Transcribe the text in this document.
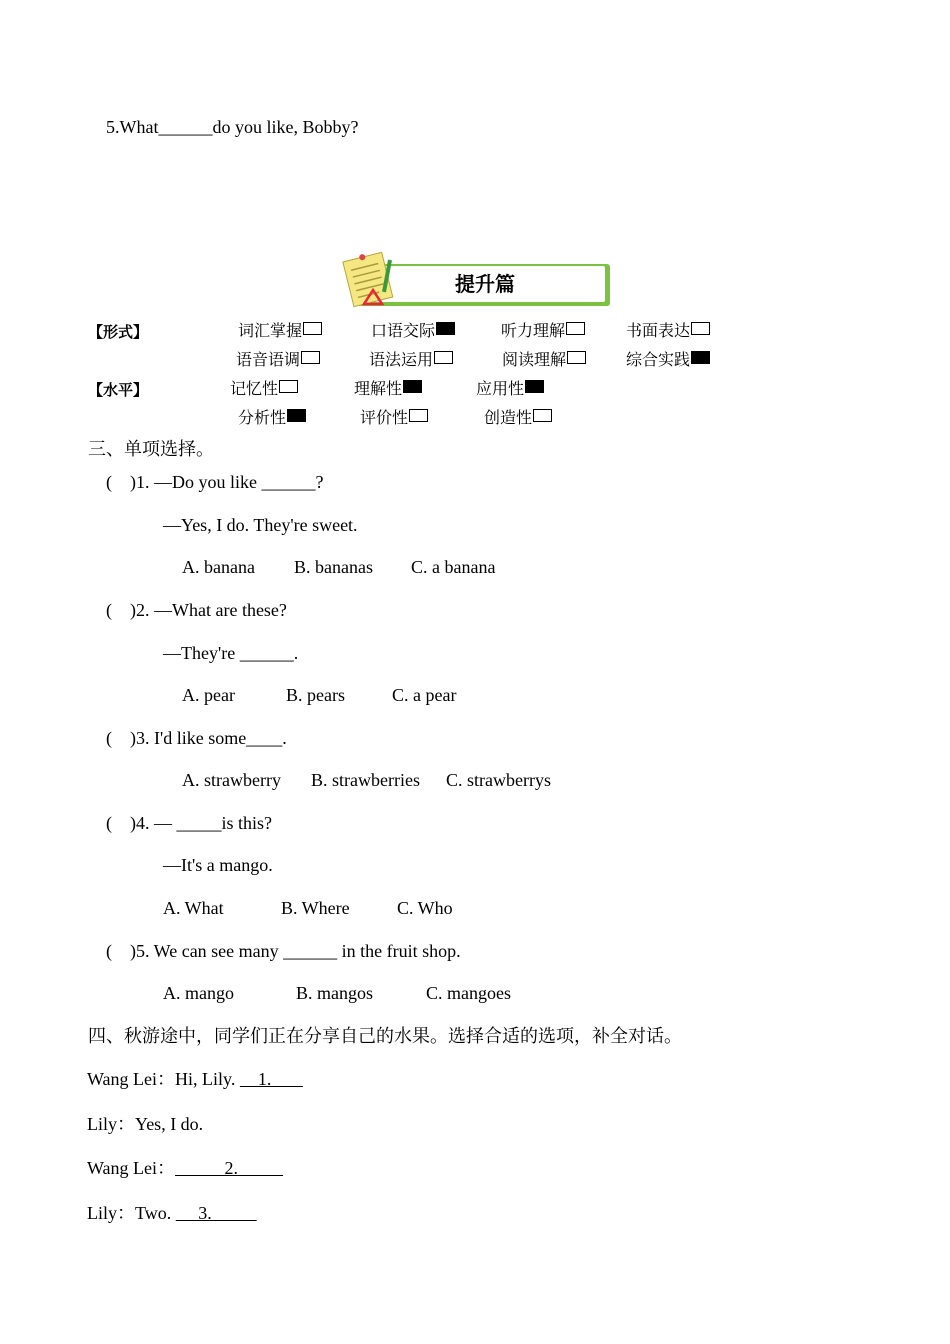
5.What______do you like, Bobby?
提升篇
【形式】
【水平】
词汇掌握	口语交际	听力理解	书面表达
语音语调	语法运用	阅读理解	综合实践
记忆性	理解性	应用性
分析性	评价性	创造性
三、单项选择。
(    )1. —Do you like ______?
—Yes, I do. They're sweet.
A. banana B. bananas C. a banana
(    )2. —What are these?
—They're ______.
A. pear	B. pears	C. a pear
(    )3. I'd like some____.
A. strawberry B. strawberries C. strawberrys
(    )4. — _____is this?
—It's a mango.
A. What	B. Where	C. Who
(    )5. We can see many ______ in the fruit shop.
A. mango	B. mangos	C. mangoes
四、秋游途中，同学们正在分享自己的水果。选择合适的选项，补全对话。
Wang Lei：Hi, Lily.     1.
Lily：Yes, I do.
Wang Lei：           2.
Lily：Two.      3.
